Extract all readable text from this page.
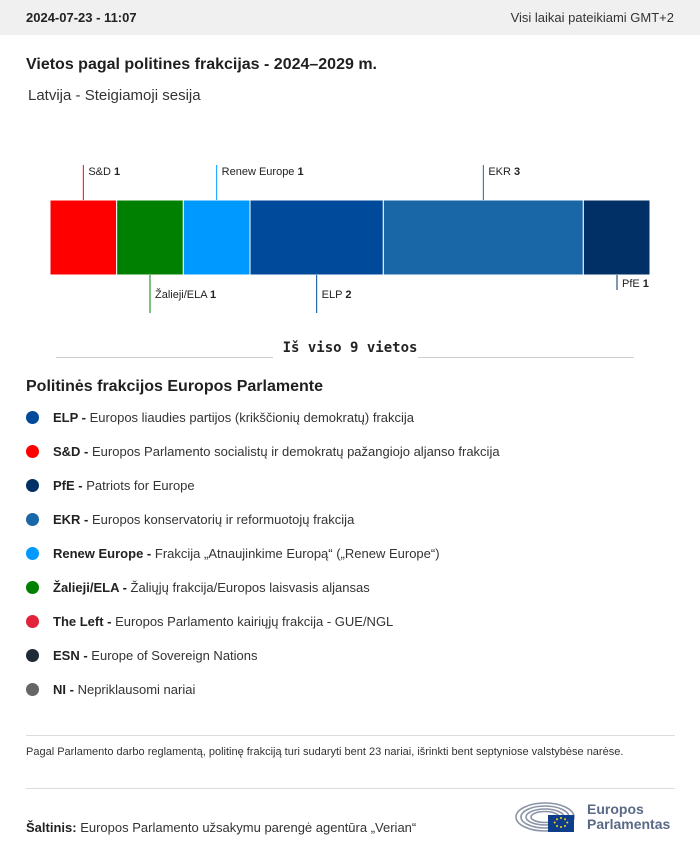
2024-07-23 - 11:07	Visi laikai pateikiami GMT+2
Vietos pagal politines frakcijas - 2024–2029 m.
Latvija - Steigiamoji sesija
S&D 1
Žalieji/ELA 1
Renew Europe 1
ELP 2
EKR 3
PfE 1
Iš viso 9 vietos
Politinės frakcijos Europos Parlamente
ELP - Europos liaudies partijos (krikščionių demokratų) frakcija
S&D - Europos Parlamento socialistų ir demokratų pažangiojo aljanso frakcija
PfE - Patriots for Europe
EKR - Europos konservatorių ir reformuotojų frakcija
Renew Europe - Frakcija „Atnaujinkime Europą“ („Renew Europe“)
Žalieji/ELA - Žaliųjų frakcija/Europos laisvasis aljansas
The Left - Europos Parlamento kairiųjų frakcija - GUE/NGL
ESN - Europe of Sovereign Nations
NI - Nepriklausomi nariai
Pagal Parlamento darbo reglamentą, politinę frakciją turi sudaryti bent 23 nariai, išrinkti bent septyniose valstybėse narėse.
Šaltinis: Europos Parlamento užsakymu parengė agentūra „Verian“
Europos
Parlamentas
